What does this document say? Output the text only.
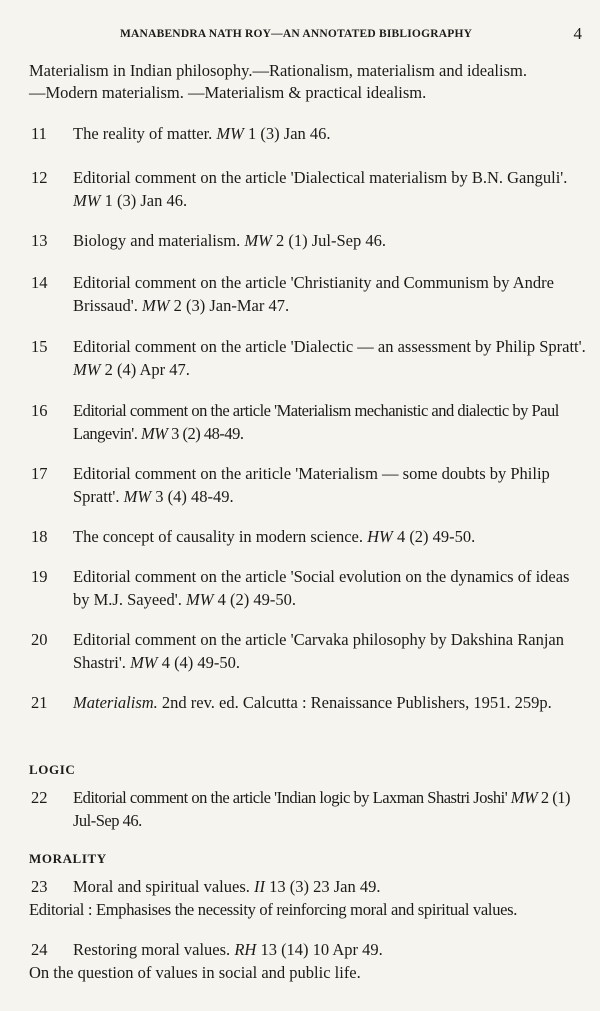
MANABENDRA NATH ROY—AN ANNOTATED BIBLIOGRAPHY	4
Materialism in Indian philosophy.—Rationalism, materialism and idealism.
—Modern materialism. —Materialism & practical idealism.
11 The reality of matter. MW 1 (3) Jan 46.
12 Editorial comment on the article 'Dialectical materialism by B.N. Ganguli'. MW 1 (3) Jan 46.
13 Biology and materialism. MW 2 (1) Jul-Sep 46.
14 Editorial comment on the article 'Christianity and Communism by Andre Brissaud'. MW 2 (3) Jan-Mar 47.
15 Editorial comment on the article 'Dialectic — an assessment by Philip Spratt'. MW 2 (4) Apr 47.
16 Editorial comment on the article 'Materialism mechanistic and dialectic by Paul Langevin'. MW 3 (2) 48-49.
17 Editorial comment on the ariticle 'Materialism — some doubts by Philip Spratt'. MW 3 (4) 48-49.
18 The concept of causality in modern science. HW 4 (2) 49-50.
19 Editorial comment on the article 'Social evolution on the dynamics of ideas by M.J. Sayeed'. MW 4 (2) 49-50.
20 Editorial comment on the article 'Carvaka philosophy by Dakshina Ranjan Shastri'. MW 4 (4) 49-50.
21 Materialism. 2nd rev. ed. Calcutta : Renaissance Publishers, 1951. 259p.
LOGIC
22 Editorial comment on the article 'Indian logic by Laxman Shastri Joshi' MW 2 (1) Jul-Sep 46.
MORALITY
23 Moral and spiritual values. II 13 (3) 23 Jan 49.
Editorial : Emphasises the necessity of reinforcing moral and spiritual values.
24 Restoring moral values. RH 13 (14) 10 Apr 49.
On the question of values in social and public life.
